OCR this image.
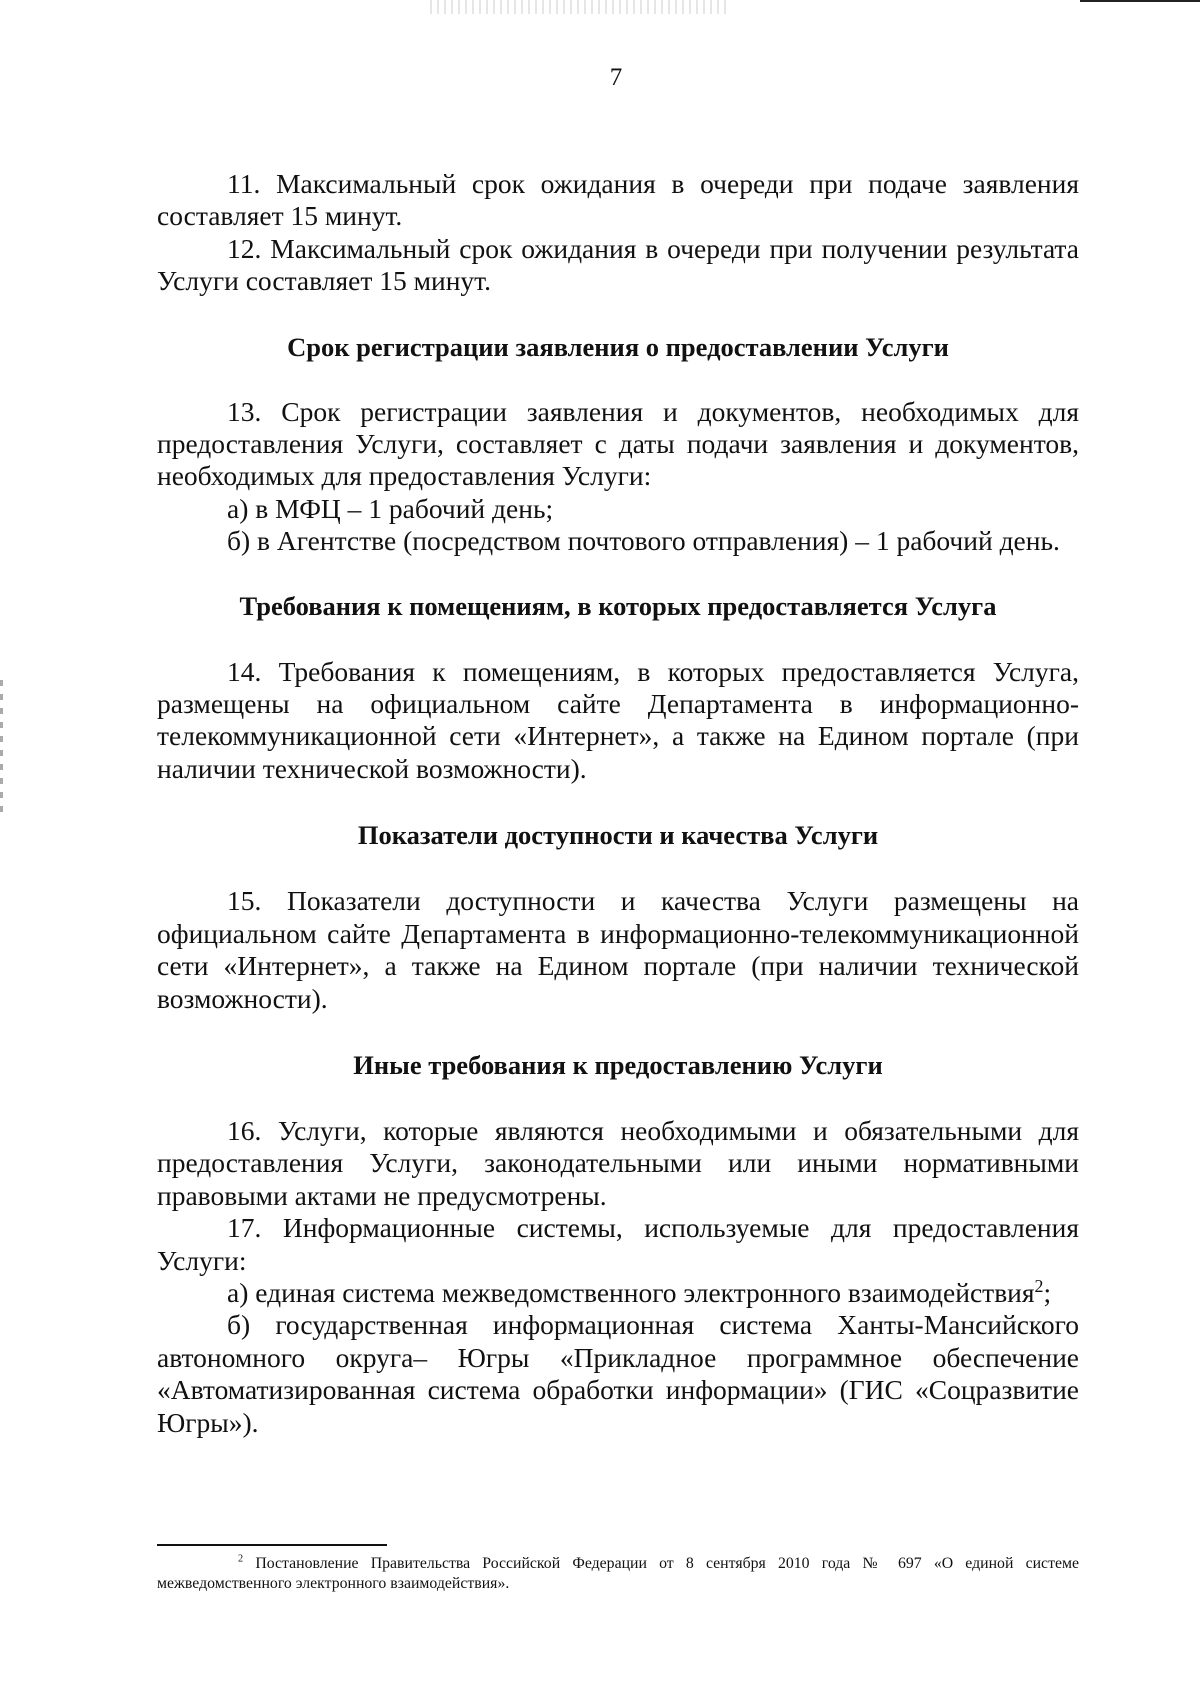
7

11. Максимальный срок ожидания в очереди при подаче заявления составляет 15 минут.

12. Максимальный срок ожидания в очереди при получении результата Услуги составляет 15 минут.

Срок регистрации заявления о предоставлении Услуги

13. Срок регистрации заявления и документов, необходимых для предоставления Услуги, составляет с даты подачи заявления и документов, необходимых для предоставления Услуги:

а) в МФЦ – 1 рабочий день;

б) в Агентстве (посредством почтового отправления) – 1 рабочий день.

Требования к помещениям, в которых предоставляется Услуга

14. Требования к помещениям, в которых предоставляется Услуга, размещены на официальном сайте Департамента в информационно-телекоммуникационной сети «Интернет», а также на Едином портале (при наличии технической возможности).

Показатели доступности и качества Услуги

15. Показатели доступности и качества Услуги размещены на официальном сайте Департамента в информационно-телекоммуникационной сети «Интернет», а также на Едином портале (при наличии технической возможности).

Иные требования к предоставлению Услуги

16. Услуги, которые являются необходимыми и обязательными для предоставления Услуги, законодательными или иными нормативными правовыми актами не предусмотрены.

17. Информационные системы, используемые для предоставления Услуги:

а) единая система межведомственного электронного взаимодействия$^2$;

б) государственная информационная система Ханты-Мансийского автономного округа– Югры «Прикладное программное обеспечение «Автоматизированная система обработки информации» (ГИС «Соцразвитие Югры»).

$^2$ Постановление Правительства Российской Федерации от 8 сентября 2010 года № 697 «О единой системе межведомственного электронного взаимодействия».
